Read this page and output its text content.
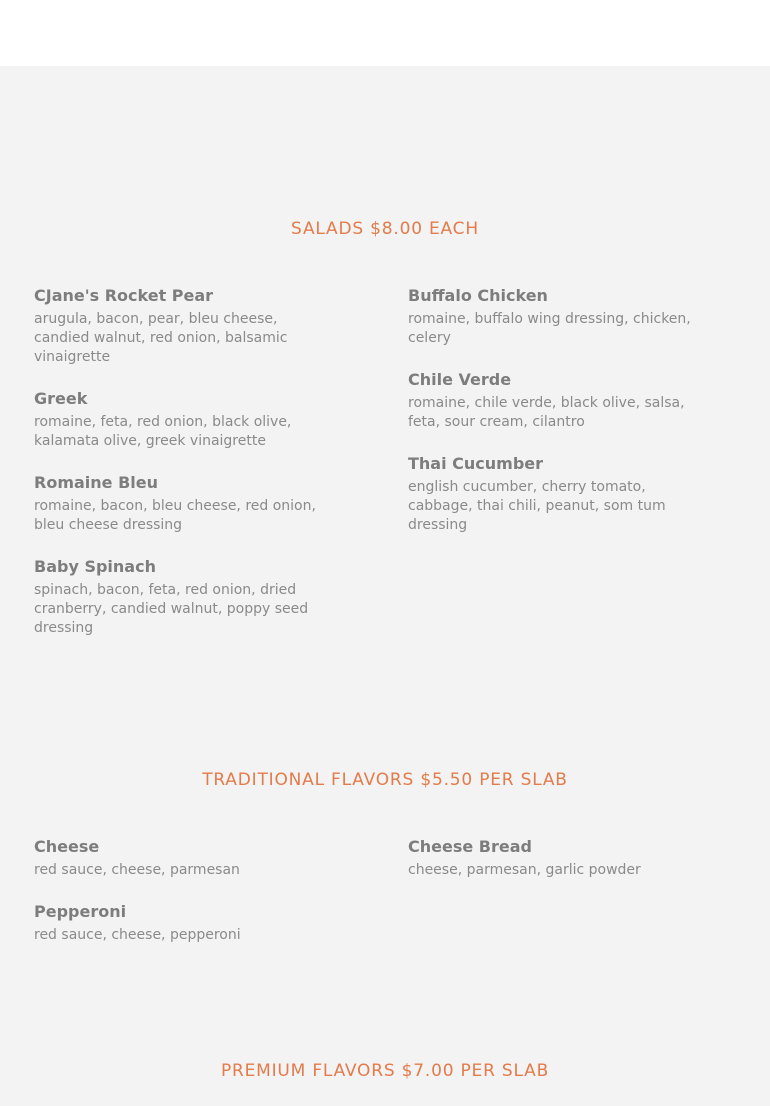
SALADS $8.00 EACH

CJane's Rocket Pear

arugula, bacon, pear, bleu cheese, candied walnut, red onion, balsamic vinaigrette

Greek

romaine, feta, red onion, black olive, kalamata olive, greek vinaigrette

Romaine Bleu

romaine, bacon, bleu cheese, red onion, bleu cheese dressing

Baby Spinach

spinach, bacon, feta, red onion, dried cranberry, candied walnut, poppy seed dressing

Buffalo Chicken

romaine, buffalo wing dressing, chicken, celery

Chile Verde

romaine, chile verde, black olive, salsa, feta, sour cream, cilantro

Thai Cucumber

english cucumber, cherry tomato, cabbage, thai chili, peanut, som tum dressing

TRADITIONAL FLAVORS $5.50 PER SLAB

Cheese

red sauce, cheese, parmesan

Pepperoni

red sauce, cheese, pepperoni

Cheese Bread

cheese, parmesan, garlic powder

PREMIUM FLAVORS $7.00 PER SLAB
